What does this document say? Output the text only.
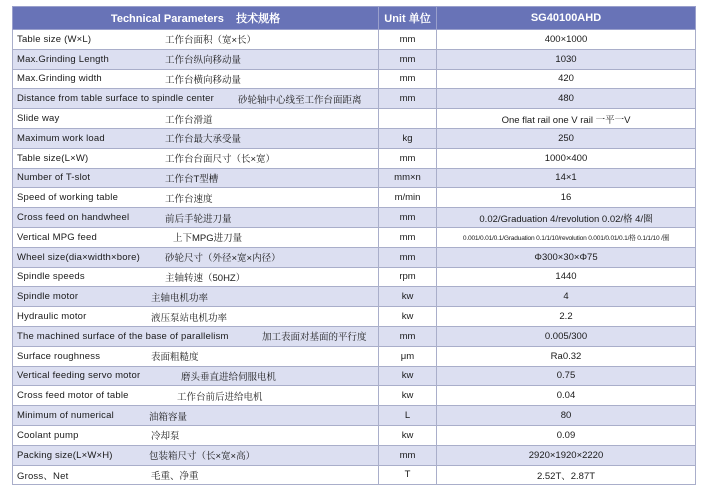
Technical Parameters 技术规格	Unit 单位	SG40100AHD
Table size (W×L) 工作台面积（宽×长）	mm	400×1000
Max.Grinding Length 工作台纵向移动量	mm	1030
Max.Grinding width 工作台横向移动量	mm	420
Distance from table surface to spindle center 砂轮轴中心线至工作台面距离	mm	480
Slide way 工作台滑道		One flat rail one V rail 一平一V
Maximum work load 工作台最大承受量	kg	250
Table size(L×W) 工作台台面尺寸（长×宽）	mm	1000×400
Number of T-slot 工作台T型槽	mm×n	14×1
Speed of working table 工作台速度	m/min	16
Cross feed on handwheel 前后手轮进刀量	mm	0.02/Graduation 4/revolution 0.02/格 4/圈
Vertical MPG feed 上下MPG进刀量	mm	0.001/0.01/0.1/Graduation 0.1/1/10/revolution 0.001/0.01/0.1/格 0.1/1/10 /圈
Wheel size(dia×width×bore) 砂轮尺寸（外径×宽×内径）	mm	Φ300×30×Φ75
Spindle speeds 主轴转速（50HZ）	rpm	1440
Spindle motor 主轴电机功率	kw	4
Hydraulic motor 液压泵站电机功率	kw	2.2
The machined surface of the base of parallelism 加工表面对基面的平行度	mm	0.005/300
Surface roughness 表面粗糙度	μm	Ra0.32
Vertical feeding servo motor 磨头垂直进给伺服电机	kw	0.75
Cross feed motor of table 工作台前后进给电机	kw	0.04
Minimum of numerical 油箱容量	L	80
Coolant pump 冷却泵	kw	0.09
Packing size(L×W×H) 包装箱尺寸（长×宽×高）	mm	2920×1920×2220
Gross、Net 毛重、净重	T	2.52T、2.87T
